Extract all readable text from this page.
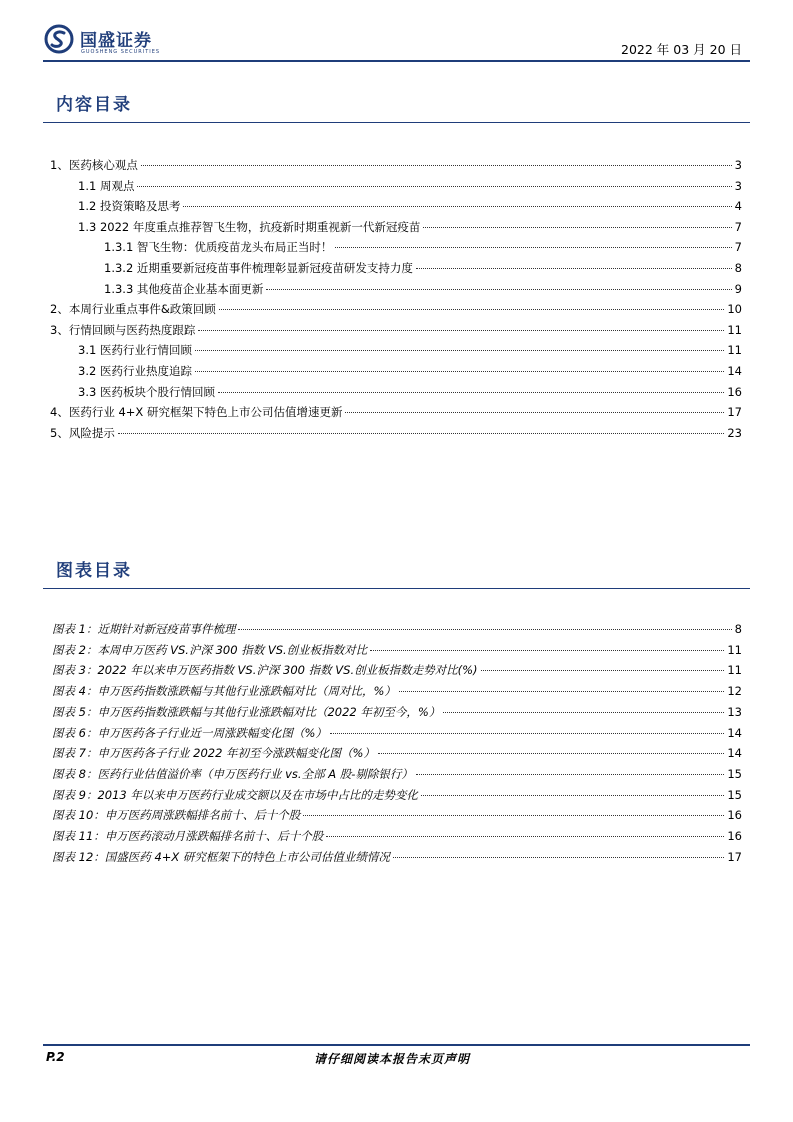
国盛证券
GUOSHENG SECURITIES	2022 年 03 月 20 日
内容目录
1、医药核心观点	3
1.1 周观点	3
1.2 投资策略及思考	4
1.3 2022 年度重点推荐智飞生物，抗疫新时期重视新一代新冠疫苗	7
1.3.1 智飞生物：优质疫苗龙头布局正当时！	7
1.3.2 近期重要新冠疫苗事件梳理彰显新冠疫苗研发支持力度	8
1.3.3 其他疫苗企业基本面更新	9
2、本周行业重点事件&政策回顾	10
3、行情回顾与医药热度跟踪	11
3.1 医药行业行情回顾	11
3.2 医药行业热度追踪	14
3.3 医药板块个股行情回顾	16
4、医药行业 4+X 研究框架下特色上市公司估值增速更新	17
5、风险提示	23
图表目录
图表 1：近期针对新冠疫苗事件梳理	8
图表 2：本周申万医药 VS.沪深 300 指数 VS.创业板指数对比	11
图表 3：2022 年以来申万医药指数 VS.沪深 300 指数 VS.创业板指数走势对比(%)	11
图表 4：申万医药指数涨跌幅与其他行业涨跌幅对比（周对比，%）	12
图表 5：申万医药指数涨跌幅与其他行业涨跌幅对比（2022 年初至今，%）	13
图表 6：申万医药各子行业近一周涨跌幅变化图（%）	14
图表 7：申万医药各子行业 2022 年初至今涨跌幅变化图（%）	14
图表 8：医药行业估值溢价率（申万医药行业 vs.全部 A 股-剔除银行）	15
图表 9：2013 年以来申万医药行业成交额以及在市场中占比的走势变化	15
图表 10：申万医药周涨跌幅排名前十、后十个股	16
图表 11：申万医药滚动月涨跌幅排名前十、后十个股	16
图表 12：国盛医药 4+X 研究框架下的特色上市公司估值业绩情况	17
P.2	请仔细阅读本报告末页声明
